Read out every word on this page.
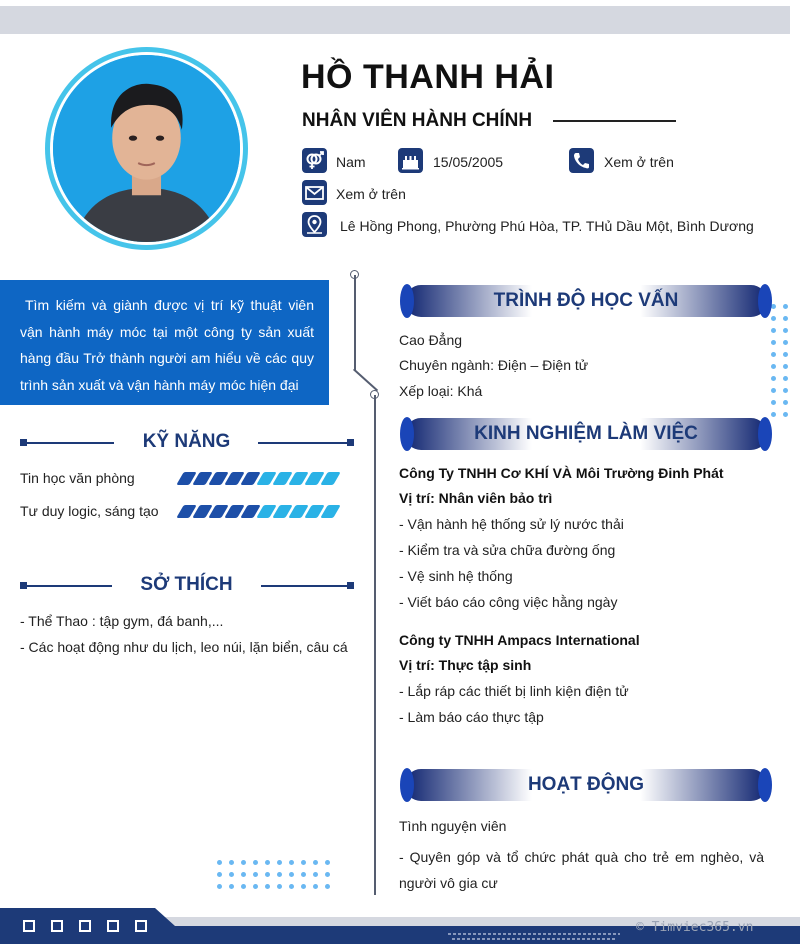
HỒ THANH HẢI
NHÂN VIÊN HÀNH CHÍNH
Nam	15/05/2005	Xem ở trên
Xem ở trên
Lê Hồng Phong, Phường Phú Hòa, TP. THủ Dầu Một, Bình Dương
Tìm kiếm và giành được vị trí kỹ thuật viên vận hành máy móc tại một công ty sản xuất hàng đầu Trở thành người am hiểu về các quy trình sản xuất và vận hành máy móc hiện đại
KỸ NĂNG
Tin học văn phòng
Tư duy logic, sáng tạo
SỞ THÍCH
- Thể Thao : tập gym, đá banh,...
- Các hoạt động như du lịch, leo núi, lặn biển, câu cá
TRÌNH ĐỘ HỌC VẤN
Cao Đẳng
Chuyên ngành: Điện – Điện tử
Xếp loại: Khá
KINH NGHIỆM LÀM VIỆC
Công Ty TNHH Cơ KHÍ VÀ Môi Trường Đinh Phát
Vị trí: Nhân viên bảo trì
- Vận hành hệ thống sử lý nước thải
- Kiểm tra và sửa chữa đường ống
- Vệ sinh hệ thống
- Viết báo cáo công việc hằng ngày
Công ty TNHH Ampacs International
Vị trí: Thực tập sinh
- Lắp ráp các thiết bị linh kiện điện tử
- Làm báo cáo thực tập
HOẠT ĐỘNG
Tình nguyện viên
- Quyên góp và tổ chức phát quà cho trẻ em nghèo, và người vô gia cư
© Timviec365.vn
